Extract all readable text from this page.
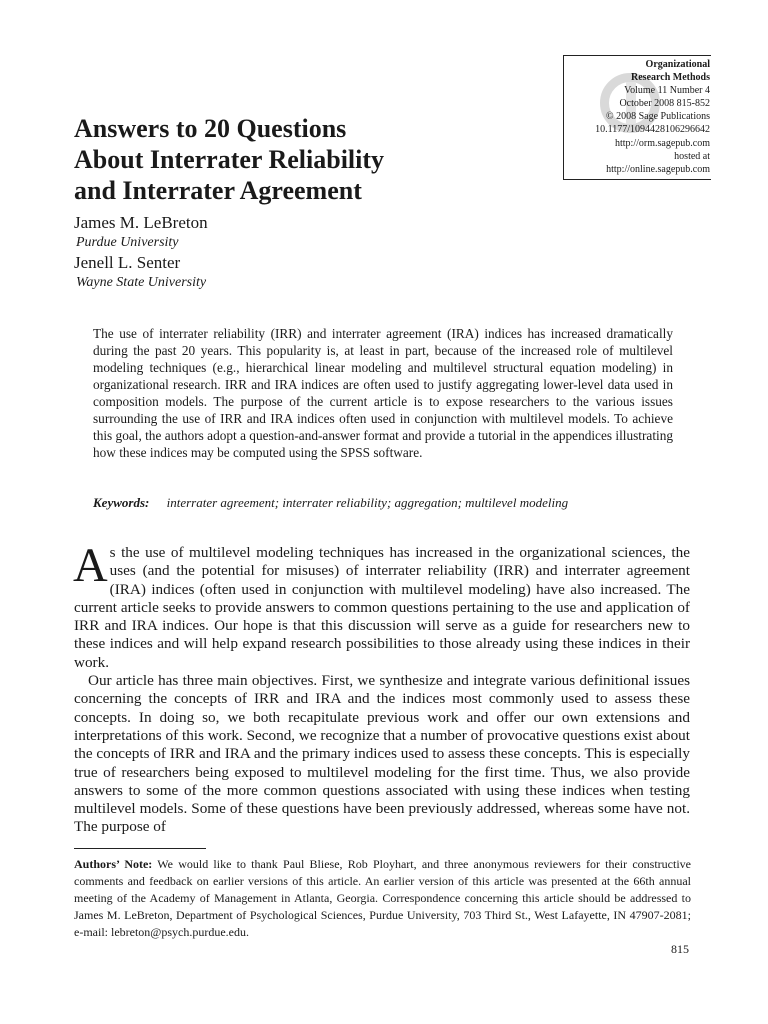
Organizational
Research Methods
Volume 11 Number 4
October 2008 815-852
© 2008 Sage Publications
10.1177/1094428106296642
http://orm.sagepub.com
hosted at
http://online.sagepub.com
Answers to 20 Questions
About Interrater Reliability
and Interrater Agreement
James M. LeBreton
Purdue University
Jenell L. Senter
Wayne State University

The use of interrater reliability (IRR) and interrater agreement (IRA) indices has increased dramatically during the past 20 years. This popularity is, at least in part, because of the increased role of multilevel modeling techniques (e.g., hierarchical linear modeling and multilevel structural equation modeling) in organizational research. IRR and IRA indices are often used to justify aggregating lower-level data used in composition models. The purpose of the current article is to expose researchers to the various issues surrounding the use of IRR and IRA indices often used in conjunction with multilevel models. To achieve this goal, the authors adopt a question-and-answer format and provide a tutorial in the appendices illustrating how these indices may be computed using the SPSS software.

Keywords: interrater agreement; interrater reliability; aggregation; multilevel modeling

As the use of multilevel modeling techniques has increased in the organizational sciences, the uses (and the potential for misuses) of interrater reliability (IRR) and interrater agreement (IRA) indices (often used in conjunction with multilevel modeling) have also increased. The current article seeks to provide answers to common questions pertaining to the use and application of IRR and IRA indices. Our hope is that this discussion will serve as a guide for researchers new to these indices and will help expand research possibilities to those already using these indices in their work.

Our article has three main objectives. First, we synthesize and integrate various definitional issues concerning the concepts of IRR and IRA and the indices most commonly used to assess these concepts. In doing so, we both recapitulate previous work and offer our own extensions and interpretations of this work. Second, we recognize that a number of provocative questions exist about the concepts of IRR and IRA and the primary indices used to assess these concepts. This is especially true of researchers being exposed to multilevel modeling for the first time. Thus, we also provide answers to some of the more common questions associated with using these indices when testing multilevel models. Some of these questions have been previously addressed, whereas some have not. The purpose of

Authors’ Note: We would like to thank Paul Bliese, Rob Ployhart, and three anonymous reviewers for their constructive comments and feedback on earlier versions of this article. An earlier version of this article was presented at the 66th annual meeting of the Academy of Management in Atlanta, Georgia. Correspondence concerning this article should be addressed to James M. LeBreton, Department of Psychological Sciences, Purdue University, 703 Third St., West Lafayette, IN 47907-2081; e-mail: lebreton@psych.purdue.edu.
815
